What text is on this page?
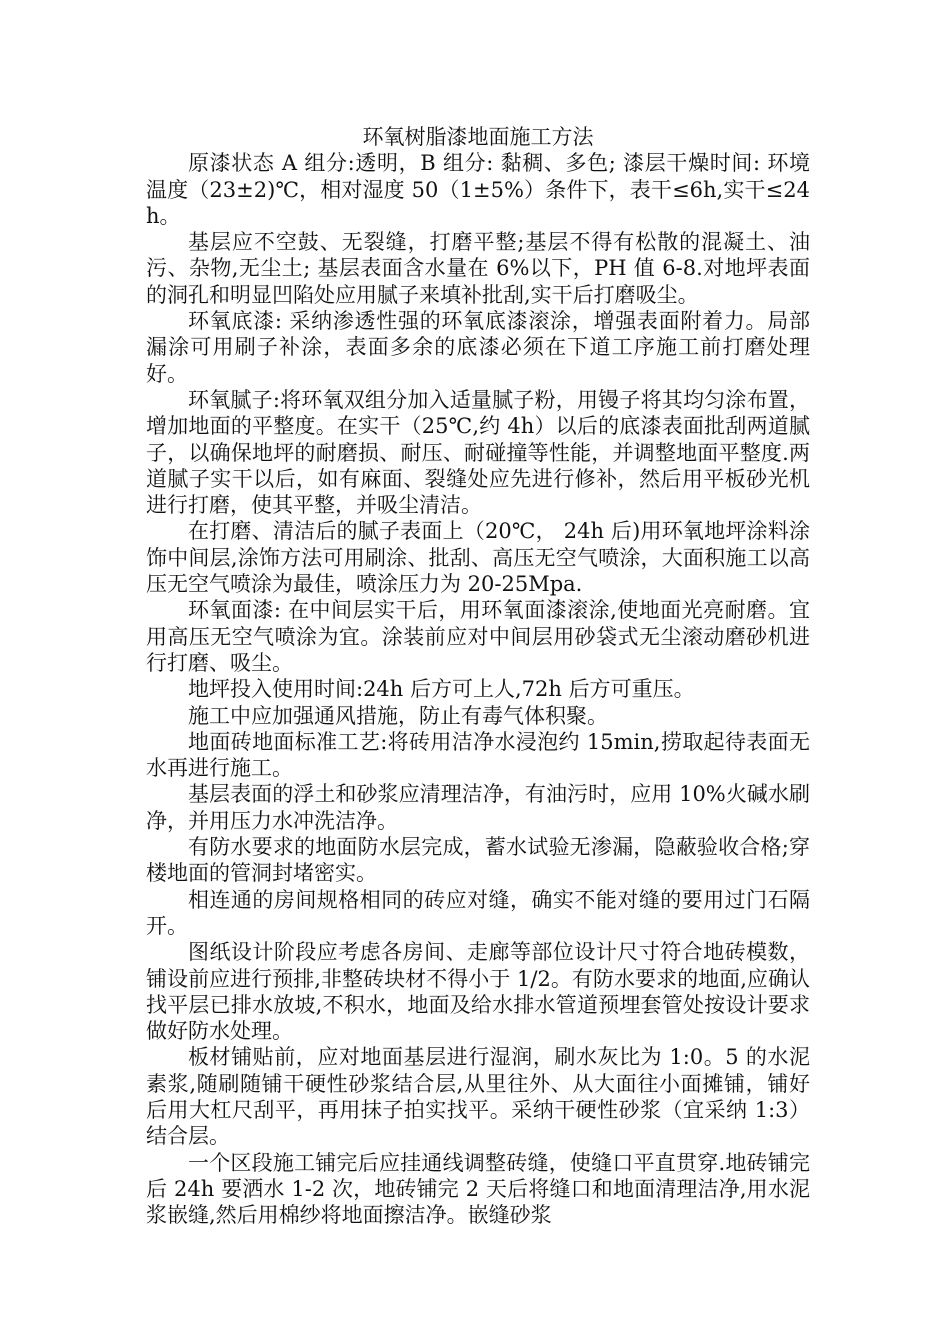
环氧树脂漆地面施工方法

原漆状态 A 组分:透明，B 组分: 黏稠、多色; 漆层干燥时间: 环境温度（23±2)℃，相对湿度 50（1±5%）条件下，表干≤6h,实干≤24h。

基层应不空鼓、无裂缝，打磨平整;基层不得有松散的混凝土、油污、杂物,无尘土; 基层表面含水量在 6%以下，PH 值 6-8.对地坪表面的洞孔和明显凹陷处应用腻子来填补批刮,实干后打磨吸尘。

环氧底漆: 采纳渗透性强的环氧底漆滚涂，增强表面附着力。局部漏涂可用刷子补涂，表面多余的底漆必须在下道工序施工前打磨处理好。

环氧腻子:将环氧双组分加入适量腻子粉，用镘子将其均匀涂布置，增加地面的平整度。在实干（25℃,约 4h）以后的底漆表面批刮两道腻子，以确保地坪的耐磨损、耐压、耐碰撞等性能，并调整地面平整度.两道腻子实干以后，如有麻面、裂缝处应先进行修补，然后用平板砂光机进行打磨，使其平整，并吸尘清洁。

在打磨、清洁后的腻子表面上（20℃， 24h 后)用环氧地坪涂料涂饰中间层,涂饰方法可用刷涂、批刮、高压无空气喷涂，大面积施工以高压无空气喷涂为最佳，喷涂压力为 20-25Mpa.

环氧面漆: 在中间层实干后，用环氧面漆滚涂,使地面光亮耐磨。宜用高压无空气喷涂为宜。涂装前应对中间层用砂袋式无尘滚动磨砂机进行打磨、吸尘。

地坪投入使用时间:24h 后方可上人,72h 后方可重压。

施工中应加强通风措施，防止有毒气体积聚。

地面砖地面标准工艺:将砖用洁净水浸泡约 15min,捞取起待表面无水再进行施工。

基层表面的浮土和砂浆应清理洁净，有油污时，应用 10%火碱水刷净，并用压力水冲洗洁净。

有防水要求的地面防水层完成，蓄水试验无渗漏，隐蔽验收合格;穿楼地面的管洞封堵密实。

相连通的房间规格相同的砖应对缝，确实不能对缝的要用过门石隔开。

图纸设计阶段应考虑各房间、走廊等部位设计尺寸符合地砖模数，铺设前应进行预排,非整砖块材不得小于 1/2。有防水要求的地面,应确认找平层已排水放坡,不积水，地面及给水排水管道预埋套管处按设计要求做好防水处理。

板材铺贴前，应对地面基层进行湿润，刷水灰比为 1:0。5 的水泥素浆,随刷随铺干硬性砂浆结合层,从里往外、从大面往小面摊铺，铺好后用大杠尺刮平，再用抹子拍实找平。采纳干硬性砂浆（宜采纳 1:3）结合层。

一个区段施工铺完后应挂通线调整砖缝，使缝口平直贯穿.地砖铺完后 24h 要洒水 1-2 次，地砖铺完 2 天后将缝口和地面清理洁净,用水泥浆嵌缝,然后用棉纱将地面擦洁净。嵌缝砂浆
